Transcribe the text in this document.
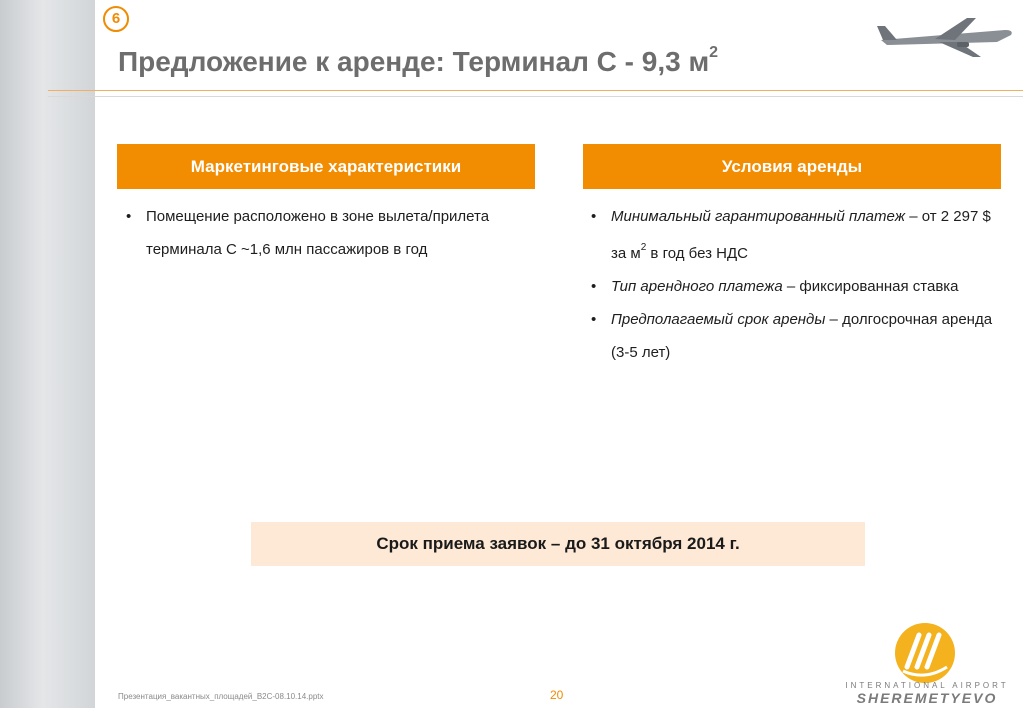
6
Предложение к аренде: Терминал С - 9,3 $м^2$
Маркетинговые характеристики	Условия аренды
• Помещение расположено в зоне вылета/прилета терминала С ~1,6 млн пассажиров в год
• Минимальный гарантированный платеж – от 2 297 $ за $м^2$ в год без НДС
• Тип арендного платежа – фиксированная ставка
• Предполагаемый срок аренды – долгосрочная аренда (3-5 лет)
Срок приема заявок – до 31 октября 2014 г.
Презентация_вакантных_площадей_B2C-08.10.14.pptx	20
INTERNATIONAL AIRPORT
SHEREMETYEVO
